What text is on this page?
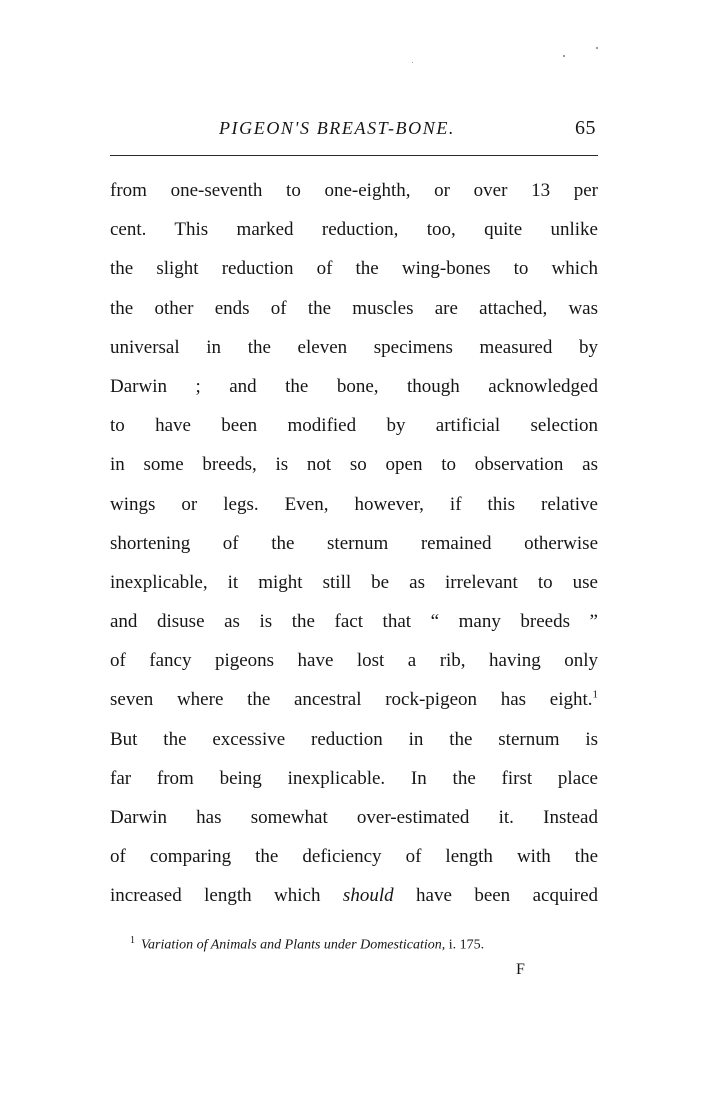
PIGEON'S BREAST-BONE.	65
from one-seventh to one-eighth, or over 13 per
cent. This marked reduction, too, quite unlike
the slight reduction of the wing-bones to which
the other ends of the muscles are attached, was
universal in the eleven specimens measured by
Darwin ; and the bone, though acknowledged
to have been modified by artificial selection
in some breeds, is not so open to observation as
wings or legs. Even, however, if this relative
shortening of the sternum remained otherwise
inexplicable, it might still be as irrelevant to use
and disuse as is the fact that “ many breeds ”
of fancy pigeons have lost a rib, having only
seven where the ancestral rock-pigeon has eight.$^1$
But the excessive reduction in the sternum is
far from being inexplicable. In the first place
Darwin has somewhat over-estimated it. Instead
of comparing the deficiency of length with the
increased length which should have been acquired
$^1$ Variation of Animals and Plants under Domestication, i. 175.
F
